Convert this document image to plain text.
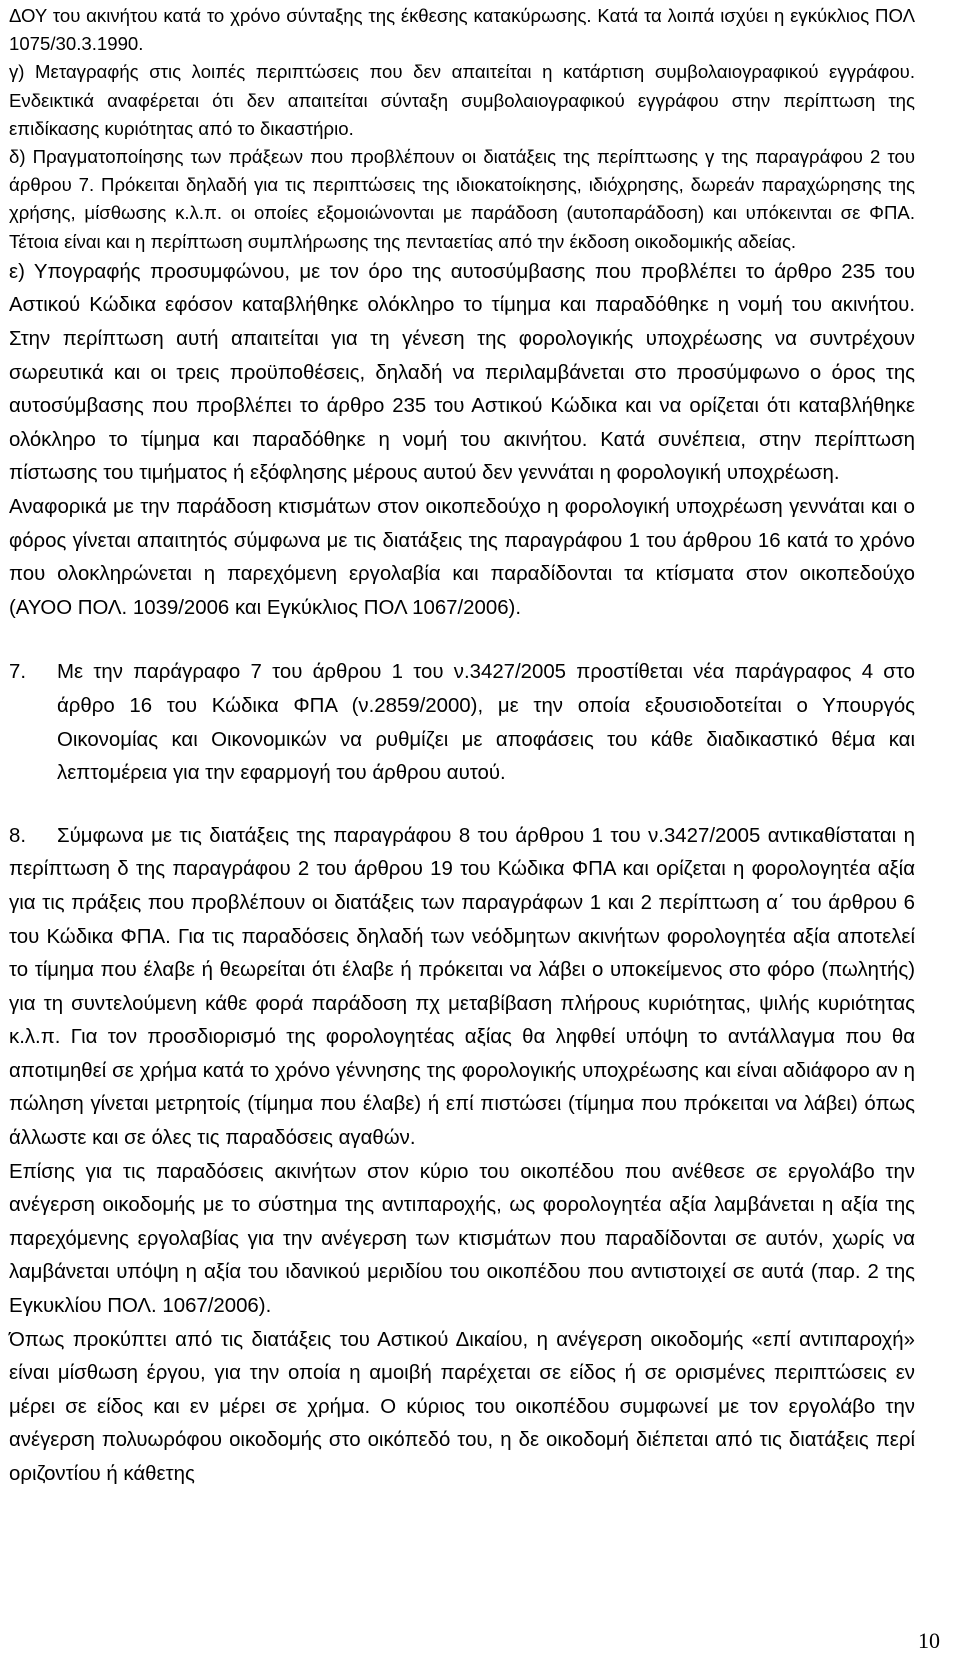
ΔΟΥ του ακινήτου κατά το χρόνο σύνταξης της έκθεσης κατακύρωσης. Κατά τα λοιπά ισχύει η εγκύκλιος ΠΟΛ 1075/30.3.1990.

γ) Μεταγραφής στις λοιπές περιπτώσεις που δεν απαιτείται η κατάρτιση συμβολαιογραφικού εγγράφου. Ενδεικτικά αναφέρεται ότι δεν απαιτείται σύνταξη συμβολαιογραφικού εγγράφου στην περίπτωση της επιδίκασης κυριότητας από το δικαστήριο.

δ) Πραγματοποίησης των πράξεων που προβλέπουν οι διατάξεις της περίπτωσης γ της παραγράφου 2 του άρθρου 7. Πρόκειται δηλαδή για τις περιπτώσεις της ιδιοκατοίκησης, ιδιόχρησης, δωρεάν παραχώρησης της χρήσης, μίσθωσης κ.λ.π. οι οποίες εξομοιώνονται με παράδοση (αυτοπαράδοση) και υπόκεινται σε ΦΠΑ. Τέτοια είναι και η περίπτωση συμπλήρωσης της πενταετίας από την έκδοση οικοδομικής αδείας.

ε) Υπογραφής προσυμφώνου, με τον όρο της αυτοσύμβασης που προβλέπει το άρθρο 235 του Αστικού Κώδικα εφόσον καταβλήθηκε ολόκληρο το τίμημα και παραδόθηκε η νομή του ακινήτου. Στην περίπτωση αυτή απαιτείται για τη γένεση της φορολογικής υποχρέωσης να συντρέχουν σωρευτικά και οι τρεις προϋποθέσεις, δηλαδή να περιλαμβάνεται στο προσύμφωνο ο όρος της αυτοσύμβασης που προβλέπει το άρθρο 235 του Αστικού Κώδικα και να ορίζεται ότι καταβλήθηκε ολόκληρο το τίμημα και παραδόθηκε η νομή του ακινήτου. Κατά συνέπεια, στην περίπτωση πίστωσης του τιμήματος ή εξόφλησης μέρους αυτού δεν γεννάται η φορολογική υποχρέωση.

Αναφορικά με την παράδοση κτισμάτων στον οικοπεδούχο η φορολογική υποχρέωση γεννάται και ο φόρος γίνεται απαιτητός σύμφωνα με τις διατάξεις της παραγράφου 1 του άρθρου 16 κατά το χρόνο που ολοκληρώνεται η παρεχόμενη εργολαβία και παραδίδονται τα κτίσματα στον οικοπεδούχο (ΑΥΟΟ ΠΟΛ. 1039/2006 και Εγκύκλιος ΠΟΛ 1067/2006).

7.	Με την παράγραφο 7 του άρθρου 1 του ν.3427/2005 προστίθεται νέα παράγραφος 4 στο άρθρο 16 του Κώδικα ΦΠΑ (ν.2859/2000), με την οποία εξουσιοδοτείται ο Υπουργός Οικονομίας και Οικονομικών να ρυθμίζει με αποφάσεις του κάθε διαδικαστικό θέμα και λεπτομέρεια για την εφαρμογή του άρθρου αυτού.

8.	Σύμφωνα με τις διατάξεις της παραγράφου 8 του άρθρου 1 του ν.3427/2005 αντικαθίσταται η περίπτωση δ της παραγράφου 2 του άρθρου 19 του Κώδικα ΦΠΑ και ορίζεται η φορολογητέα αξία για τις πράξεις που προβλέπουν οι διατάξεις των παραγράφων 1 και 2 περίπτωση α΄ του άρθρου 6 του Κώδικα ΦΠΑ. Για τις παραδόσεις δηλαδή των νεόδμητων ακινήτων φορολογητέα αξία αποτελεί το τίμημα που έλαβε ή θεωρείται ότι έλαβε ή πρόκειται να λάβει ο υποκείμενος στο φόρο (πωλητής) για τη συντελούμενη κάθε φορά παράδοση πχ μεταβίβαση πλήρους κυριότητας, ψιλής κυριότητας κ.λ.π. Για τον προσδιορισμό της φορολογητέας αξίας θα ληφθεί υπόψη το αντάλλαγμα που θα αποτιμηθεί σε χρήμα κατά το χρόνο γέννησης της φορολογικής υποχρέωσης και είναι αδιάφορο αν η πώληση γίνεται μετρητοίς (τίμημα που έλαβε) ή επί πιστώσει (τίμημα που πρόκειται να λάβει) όπως άλλωστε και σε όλες τις παραδόσεις αγαθών.

Επίσης για τις παραδόσεις ακινήτων στον κύριο του οικοπέδου που ανέθεσε σε εργολάβο την ανέγερση οικοδομής με το σύστημα της αντιπαροχής, ως φορολογητέα αξία λαμβάνεται η αξία της παρεχόμενης εργολαβίας για την ανέγερση των κτισμάτων που παραδίδονται σε αυτόν, χωρίς να λαμβάνεται υπόψη η αξία του ιδανικού μεριδίου του οικοπέδου που αντιστοιχεί σε αυτά (παρ. 2 της Εγκυκλίου ΠΟΛ. 1067/2006).

Όπως προκύπτει από τις διατάξεις του Αστικού Δικαίου, η ανέγερση οικοδομής «επί αντιπαροχή» είναι μίσθωση έργου, για την οποία η αμοιβή παρέχεται σε είδος ή σε ορισμένες περιπτώσεις εν μέρει σε είδος και εν μέρει σε χρήμα. Ο κύριος του οικοπέδου συμφωνεί με τον εργολάβο την ανέγερση πολυωρόφου οικοδομής στο οικόπεδό του, η δε οικοδομή διέπεται από τις διατάξεις περί οριζοντίου ή κάθετης

10
